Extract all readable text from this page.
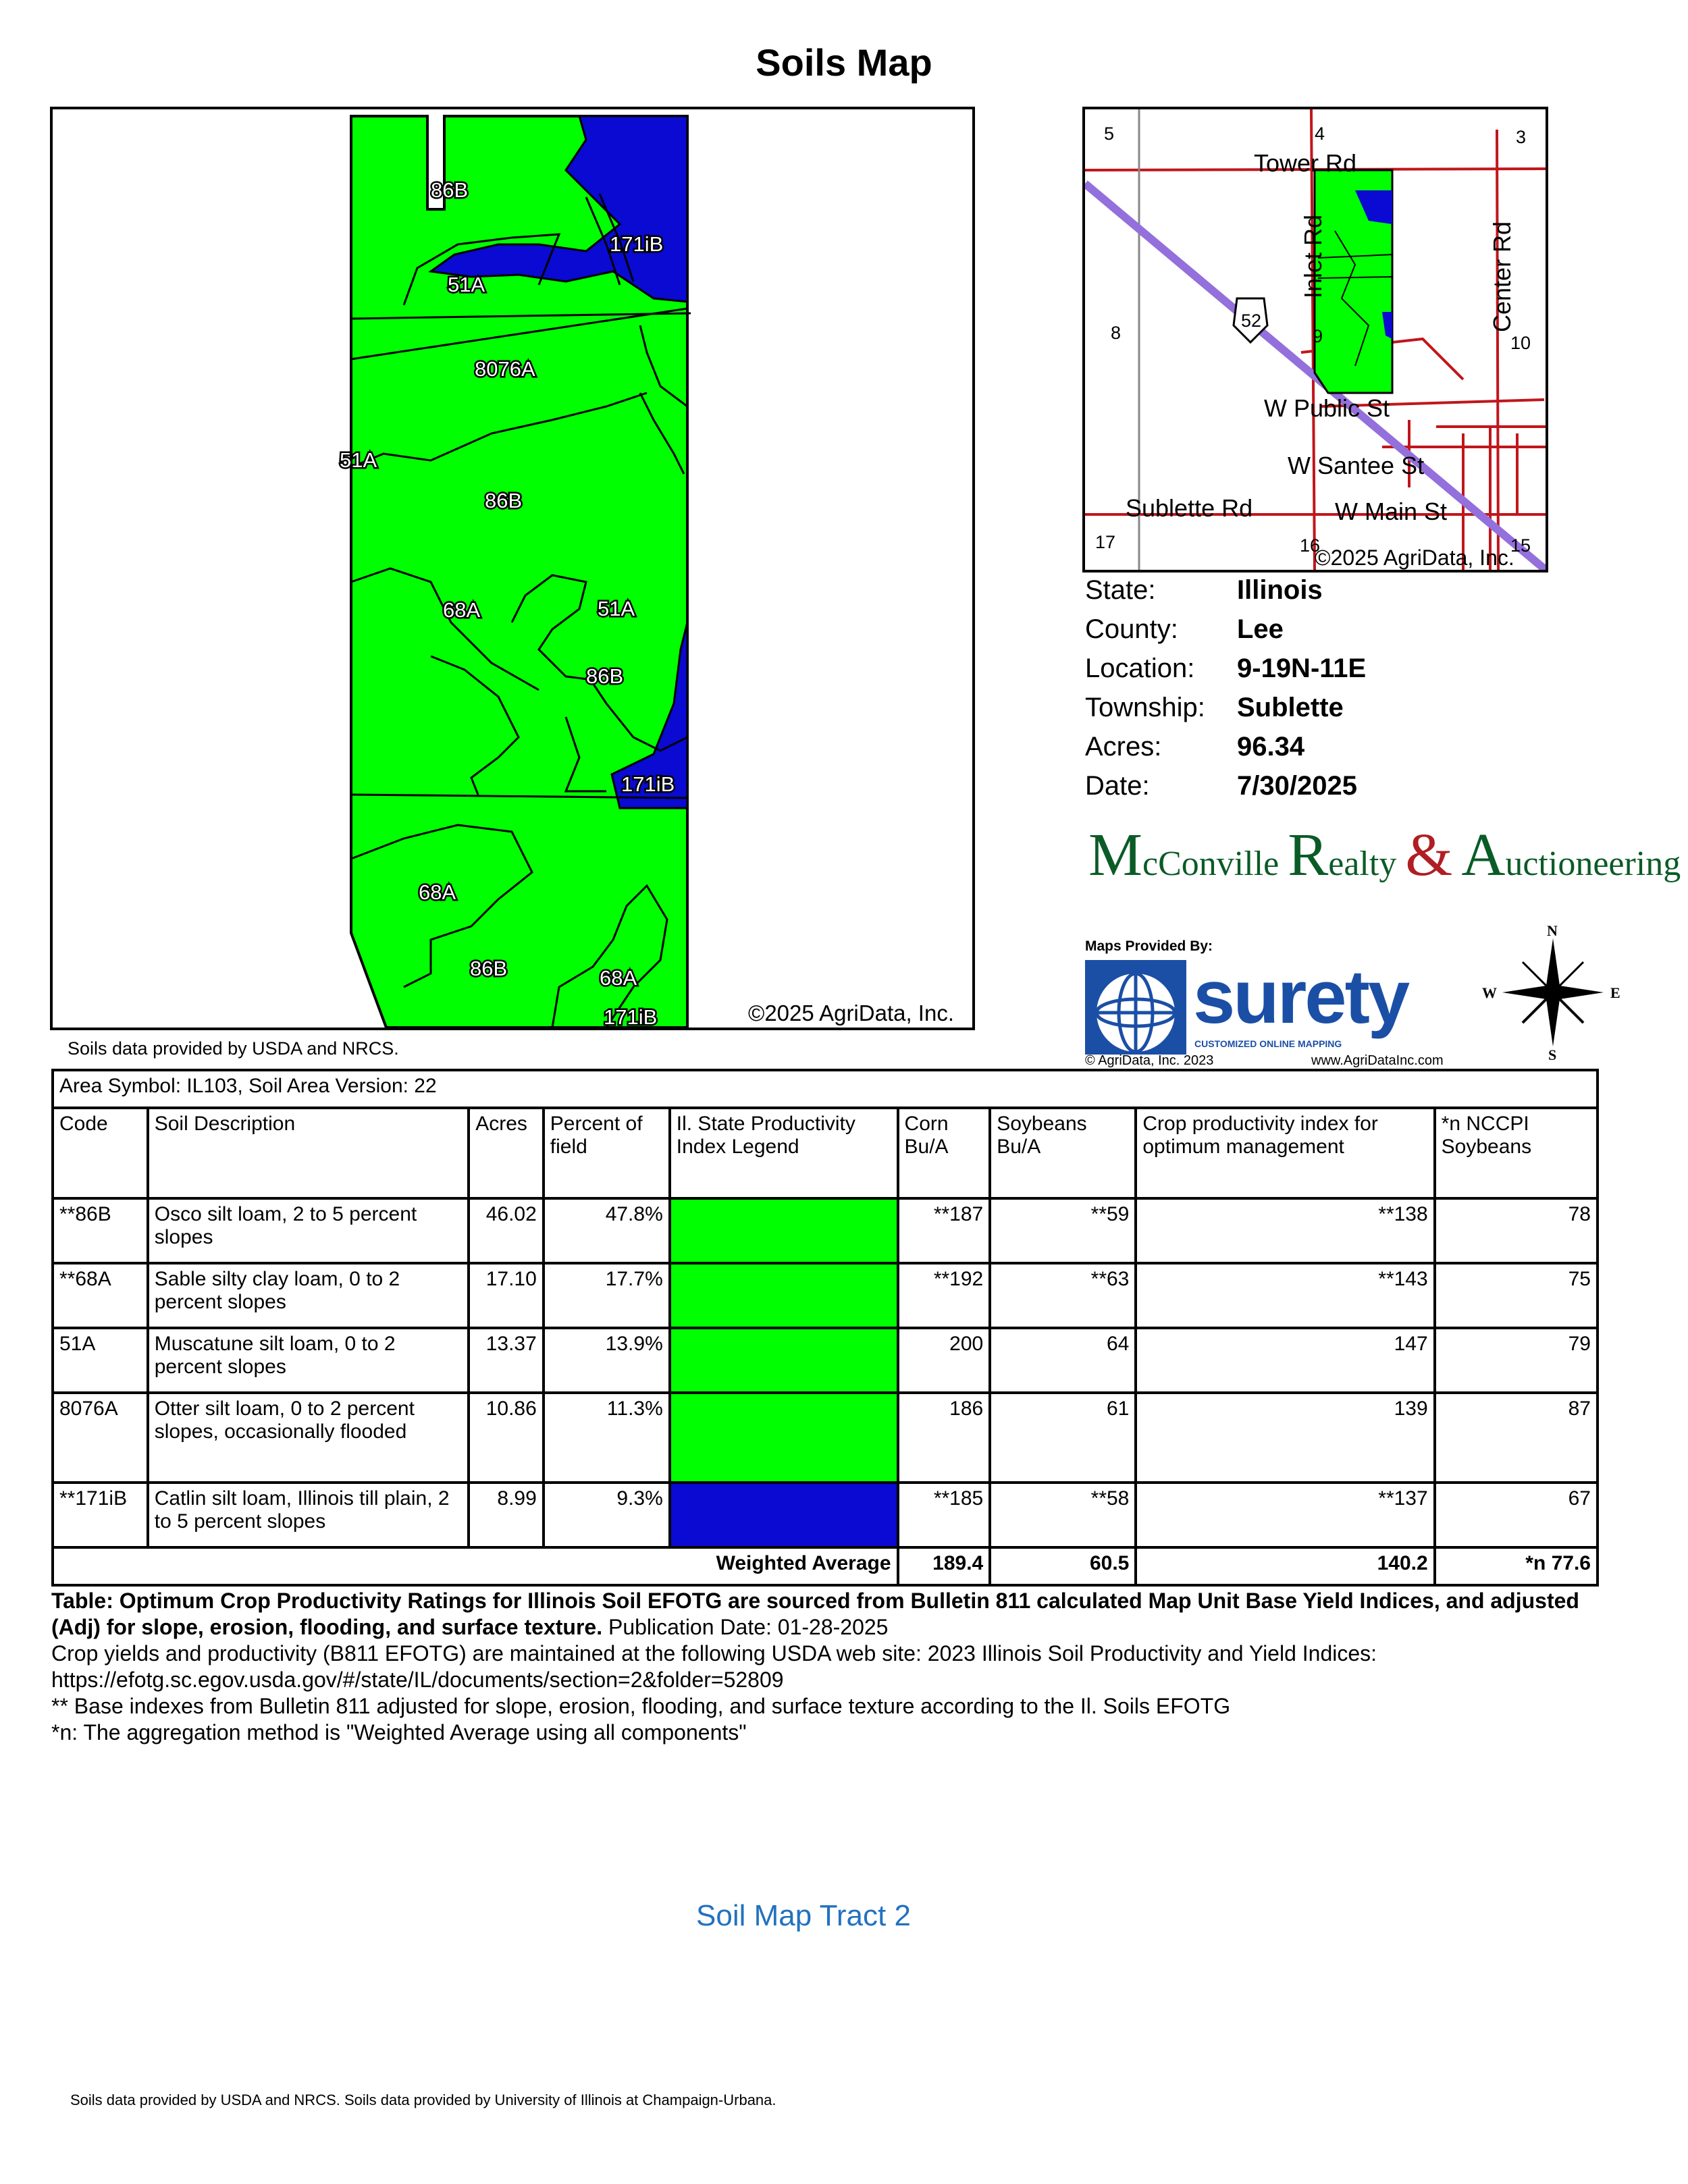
Soils Map
86B
171iB
51A
8076A
51A
86B
68A	51A
86B
171iB
68A
86B	68A
171iB	©2025 AgriData, Inc.
52
Tower Rd
Inlet Rd	Center Rd
W Public St
W Santee St
Sublette Rd	W Main St
5	4	3
8	9	10
17	16	15
©2025 AgriData, Inc.
State:	Illinois
County:	Lee
Location:	9-19N-11E
Township:	Sublette
Acres:	96.34
Date:	7/30/2025
McConville Realty & Auctioneering
Maps Provided By:
surety
CUSTOMIZED ONLINE MAPPING
© AgriData, Inc. 2023	www.AgriDataInc.com
N
S
E
W
Soils data provided by USDA and NRCS.
Area Symbol: IL103, Soil Area Version: 22								
Code	Soil Description	Acres	Percent of field	Il. State Productivity Index Legend	Corn Bu/A	Soybeans Bu/A	Crop productivity index for optimum management	*n NCCPI Soybeans
**86B	Osco silt loam, 2 to 5 percent slopes	46.02	47.8%		**187	**59	**138	78
**68A	Sable silty clay loam, 0 to 2 percent slopes	17.10	17.7%		**192	**63	**143	75
51A	Muscatune silt loam, 0 to 2 percent slopes	13.37	13.9%		200	64	147	79
8076A	Otter silt loam, 0 to 2 percent slopes, occasionally flooded	10.86	11.3%		186	61	139	87
**171iB	Catlin silt loam, Illinois till plain, 2 to 5 percent slopes	8.99	9.3%		**185	**58	**137	67
Weighted Average					189.4	60.5	140.2	*n 77.6
Table: Optimum Crop Productivity Ratings for Illinois Soil EFOTG are sourced from Bulletin 811 calculated Map Unit Base Yield Indices, and adjusted (Adj) for slope, erosion, flooding, and surface texture. Publication Date: 01-28-2025
Crop yields and productivity (B811 EFOTG) are maintained at the following USDA web site: 2023 Illinois Soil Productivity and Yield Indices:
https://efotg.sc.egov.usda.gov/#/state/IL/documents/section=2&folder=52809
** Base indexes from Bulletin 811 adjusted for slope, erosion, flooding, and surface texture according to the Il. Soils EFOTG
*n: The aggregation method is "Weighted Average using all components"
Soil Map Tract 2
Soils data provided by USDA and NRCS. Soils data provided by University of Illinois at Champaign-Urbana.
